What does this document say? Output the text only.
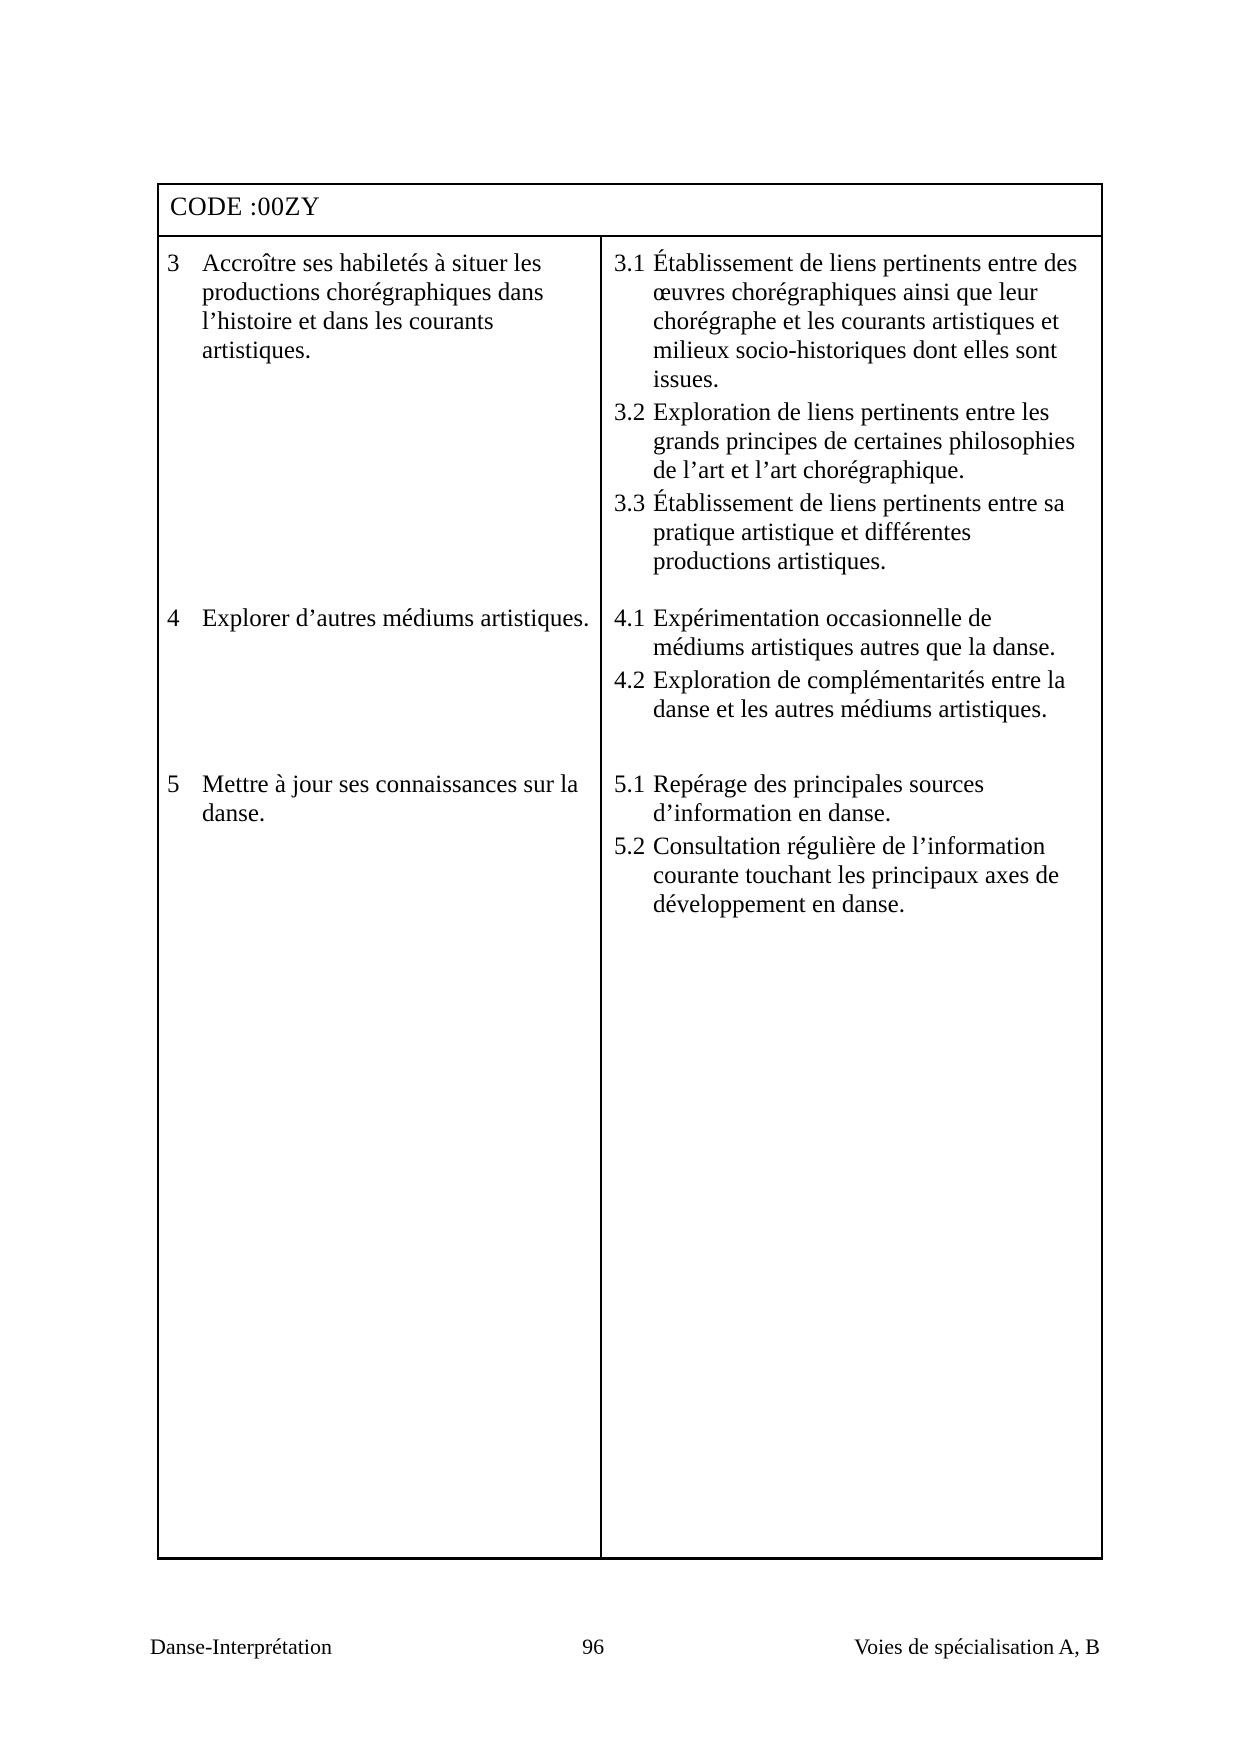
CODE :00ZY
3 Accroître ses habiletés à situer les productions chorégraphiques dans l’histoire et dans les courants artistiques.
3.1 Établissement de liens pertinents entre des œuvres chorégraphiques ainsi que leur chorégraphe et les courants artistiques et milieux socio-historiques dont elles sont issues.
3.2 Exploration de liens pertinents entre les grands principes de certaines philosophies de l’art et l’art chorégraphique.
3.3 Établissement de liens pertinents entre sa pratique artistique et différentes productions artistiques.
4 Explorer d’autres médiums artistiques. 4.1 Expérimentation occasionnelle de médiums artistiques autres que la danse.
4.2 Exploration de complémentarités entre la danse et les autres médiums artistiques.
5 Mettre à jour ses connaissances sur la danse.
5.1 Repérage des principales sources d’information en danse.
5.2 Consultation régulière de l’information courante touchant les principaux axes de développement en danse.
Danse-Interprétation	96	Voies de spécialisation A, B
